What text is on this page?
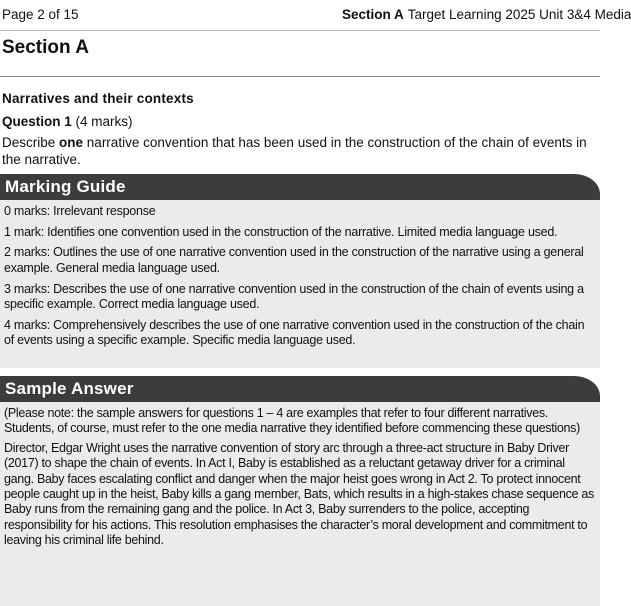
Page 2 of 15	Section A Target Learning 2025 Unit 3&4 Media
Section A
Narratives and their contexts
Question 1 (4 marks)

Describe one narrative convention that has been used in the construction of the chain of events in the narrative.

Marking Guide

0 marks: Irrelevant response

1 mark: Identifies one convention used in the construction of the narrative. Limited media language used.

2 marks: Outlines the use of one narrative convention used in the construction of the narrative using a general example. General media language used.

3 marks: Describes the use of one narrative convention used in the construction of the chain of events using a specific example. Correct media language used.

4 marks: Comprehensively describes the use of one narrative convention used in the construction of the chain of events using a specific example. Specific media language used.

Sample Answer

(Please note: the sample answers for questions 1 – 4 are examples that refer to four different narratives. Students, of course, must refer to the one media narrative they identified before commencing these questions)

Director, Edgar Wright uses the narrative convention of story arc through a three-act structure in Baby Driver (2017) to shape the chain of events. In Act I, Baby is established as a reluctant getaway driver for a criminal gang. Baby faces escalating conflict and danger when the major heist goes wrong in Act 2. To protect innocent people caught up in the heist, Baby kills a gang member, Bats, which results in a high-stakes chase sequence as Baby runs from the remaining gang and the police. In Act 3, Baby surrenders to the police, accepting responsibility for his actions. This resolution emphasises the character’s moral development and commitment to leaving his criminal life behind.
